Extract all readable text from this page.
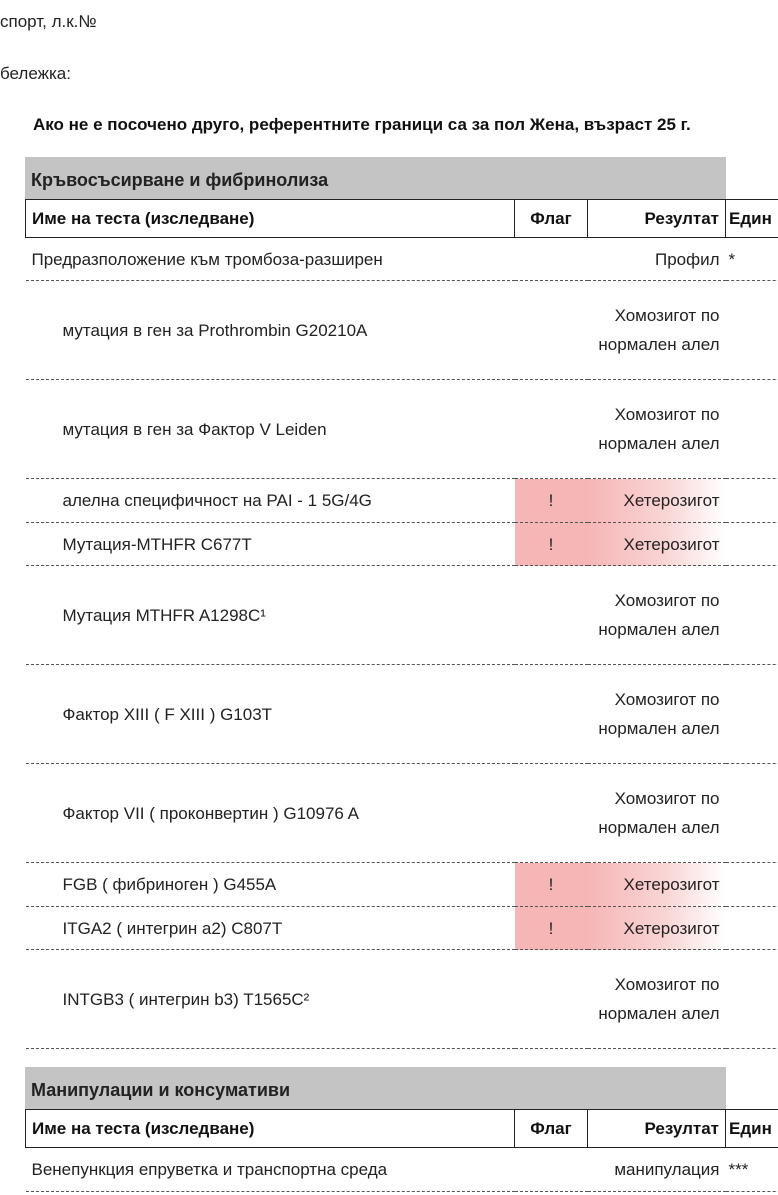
спорт, л.к.№
бележка:
Ако не е посочено друго, референтните граници са за пол Жена, възраст 25 г.
Кръвосъсирване и фибринолиза
Име на теста (изследване)	Флаг	Резултат	Един
Предразположение към тромбоза-разширен		Профил	*
мутация в ген за Prothrombin G20210A		Хомозигот по нормален алел	
мутация в ген за Фактор V Leiden		Хомозигот по нормален алел	
алелна специфичност на PAI - 1 5G/4G	!	Хетерозигот	
Мутация-MTHFR C677T	!	Хетерозигот	
Мутация MTHFR A1298C¹		Хомозигот по нормален алел	
Фактор XIII ( F XIII ) G103T		Хомозигот по нормален алел	
Фактор VII ( проконвертин ) G10976 A		Хомозигот по нормален алел	
FGB ( фибриноген ) G455A	!	Хетерозигот	
ITGA2 ( интегрин a2) C807T	!	Хетерозигот	
INTGB3 ( интегрин b3) T1565C²		Хомозигот по нормален алел	
Манипулации и консумативи
Име на теста (изследване)	Флаг	Резултат	Един
Венепункция епруветка и транспортна среда		манипулация	***
